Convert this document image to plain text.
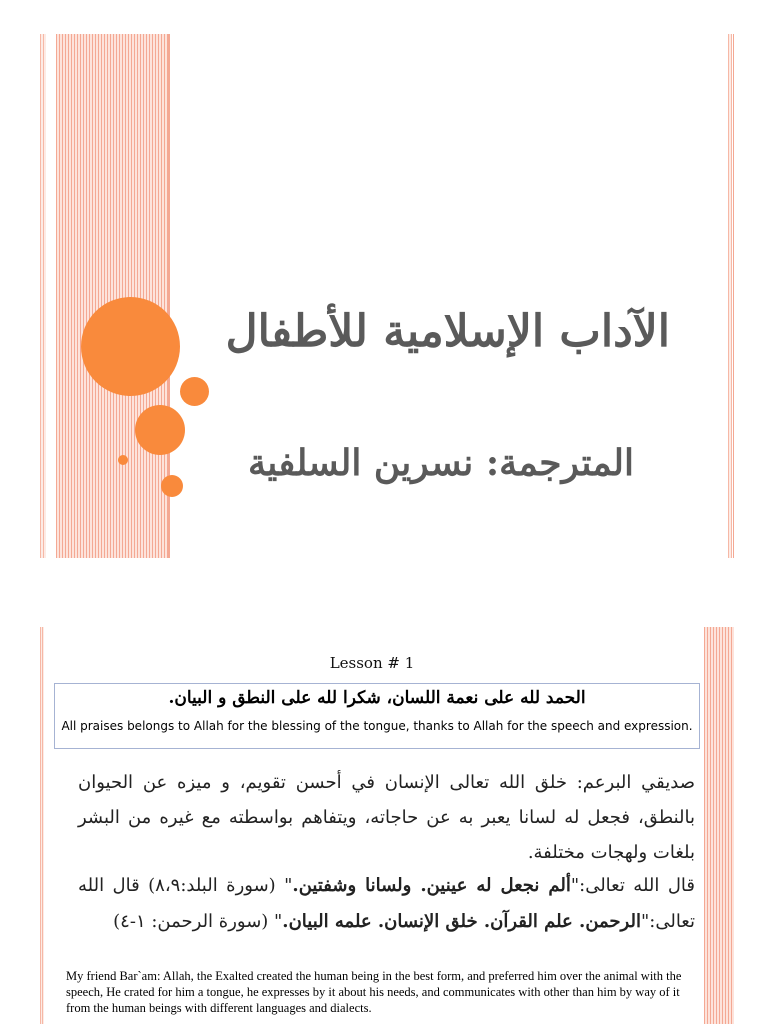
الآداب الإسلامية للأطفال
المترجمة: نسرين السلفية
Lesson # 1
الحمد لله على نعمة اللسان، شكرا لله على النطق و البيان.
All praises belongs to Allah for the blessing of the tongue, thanks to Allah for the speech and expression.

صديقي البرعم: خلق الله تعالى الإنسان في أحسن تقويم، و ميزه عن الحيوان بالنطق، فجعل له لسانا يعبر به عن حاجاته، ويتفاهم بواسطته مع غيره من البشر بلغات ولهجات مختلفة.

قال الله تعالى:"ألم نجعل له عينين. ولسانا وشفتين." (سورة البلد:٨،٩) قال الله تعالى:"الرحمن. علم القرآن. خلق الإنسان. علمه البيان." (سورة الرحمن: ١-٤)

My friend Bar`am: Allah, the Exalted created the human being in the best form, and preferred him over the animal with the speech, He crated for him a tongue, he expresses by it about his needs, and communicates with other than him by way of it from the human beings with different languages and dialects.
